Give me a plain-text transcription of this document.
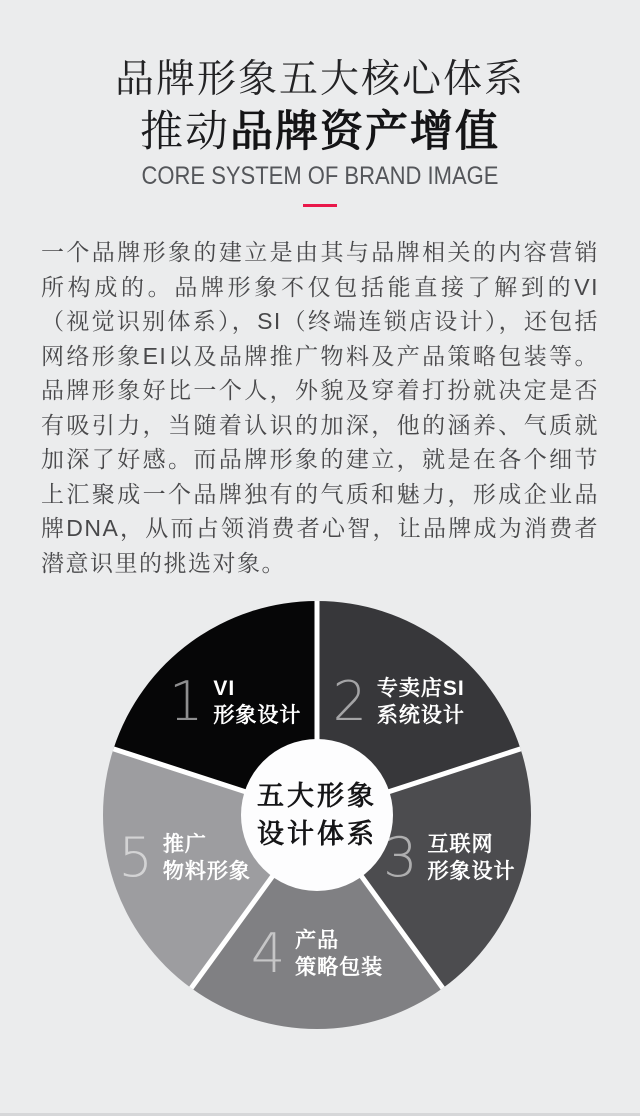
品牌形象五大核心体系
推动品牌资产增值
CORE SYSTEM OF BRAND IMAGE

一个品牌形象的建立是由其与品牌相关的内容营销所构成的。品牌形象不仅包括能直接了解到的VI（视觉识别体系），SI（终端连锁店设计），还包括网络形象EI以及品牌推广物料及产品策略包装等。品牌形象好比一个人，外貌及穿着打扮就决定是否有吸引力，当随着认识的加深，他的涵养、气质就加深了好感。而品牌形象的建立，就是在各个细节上汇聚成一个品牌独有的气质和魅力，形成企业品牌DNA，从而占领消费者心智，让品牌成为消费者潜意识里的挑选对象。

1 VI
形象设计 2 专卖店SI
系统设计
3 互联网
形象设计
4 产品
策略包装
5 推广
物料形象
五大形象
设计体系
